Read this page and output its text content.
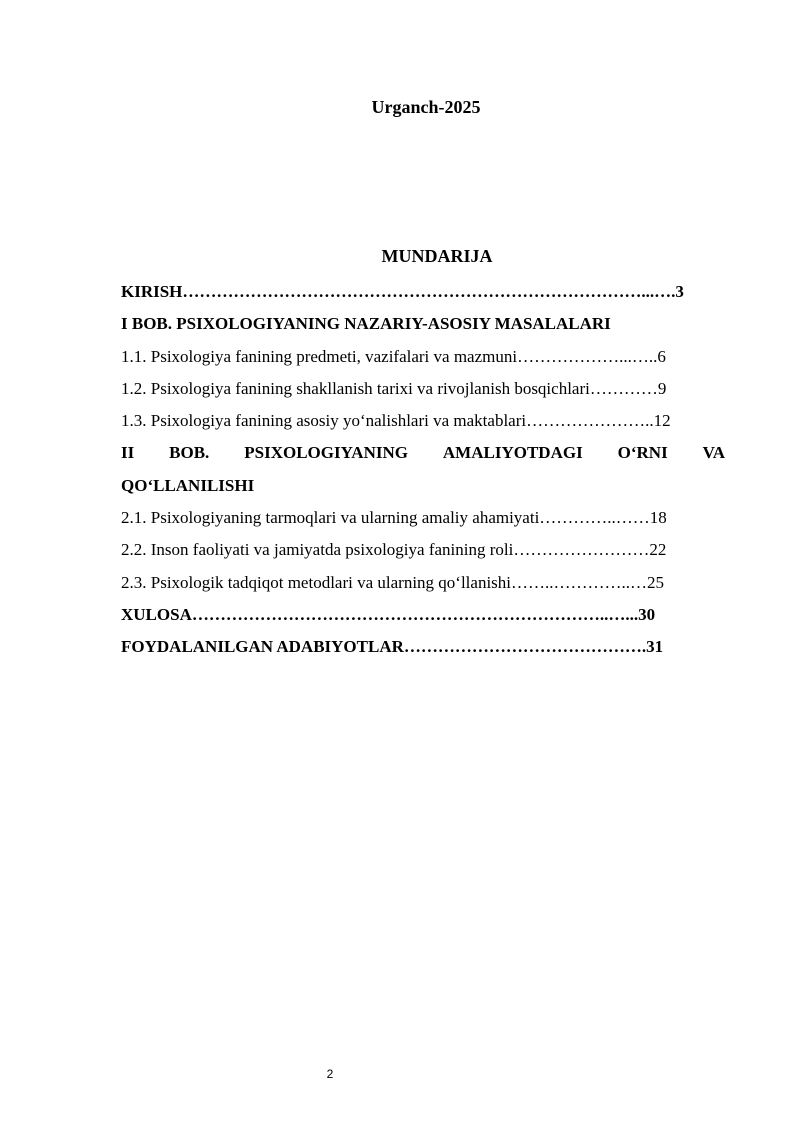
Urganch-2025
MUNDARIJA
KIRISH………………………………………………………………………...….3
I BOB. PSIXOLOGIYANING NAZARIY-ASOSIY MASALALARI
1.1. Psixologiya fanining predmeti, vazifalari va mazmuni………………...…..6
1.2. Psixologiya fanining shakllanish tarixi va rivojlanish bosqichlari…………9
1.3. Psixologiya fanining asosiy yo‘nalishlari va maktablari…………………..12
II BOB. PSIXOLOGIYANING AMALIYOTDAGI O‘RNI VA
QO‘LLANILISHI
2.1. Psixologiyaning tarmoqlari va ularning amaliy ahamiyati…………..……18
2.2. Inson faoliyati va jamiyatda psixologiya fanining roli……………………22
2.3. Psixologik tadqiqot metodlari va ularning qo‘llanishi……..…………..…25
XULOSA………………………………………………………………..…...30
FOYDALANILGAN ADABIYOTLAR…………………………………….31
2
